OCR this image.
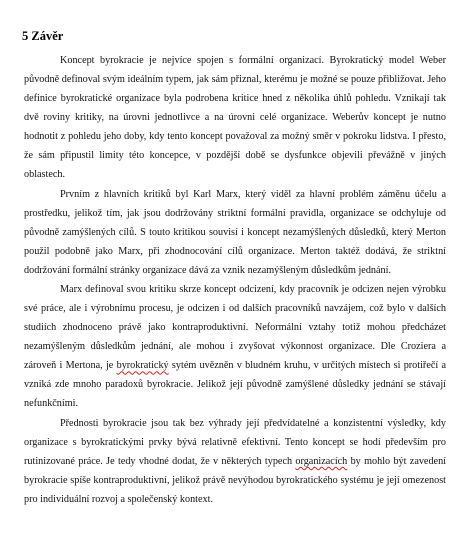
5 Závěr

Koncept byrokracie je nejvíce spojen s formální organizací. Byrokratický model Weber původně definoval svým ideálním typem, jak sám přiznal, kterému je možné se pouze přibližovat. Jeho definice byrokratické organizace byla podrobena kritice hned z několika úhlů pohledu. Vznikají tak dvě roviny kritiky, na úrovni jednotlivce a na úrovni celé organizace. Weberův koncept je nutno hodnotit z pohledu jeho doby, kdy tento koncept považoval za možný směr v pokroku lidstva. I přesto, že sám připustil limity této koncepce, v pozdější době se dysfunkce objevili převážně v jiných oblastech.

Prvním z hlavních kritiků byl Karl Marx, který viděl za hlavní problém záměnu účelu a prostředku, jelikož tím, jak jsou dodržovány striktní formální pravidla, organizace se odchyluje od původně zamýšlených cílů. S touto kritikou souvisí i koncept nezamýšlených důsledků, který Merton použil podobně jako Marx, při zhodnocování cílů organizace. Merton taktéž dodává, že striktní dodržování formální stránky organizace dává za vznik nezamýšleným důsledkům jednání.

Marx definoval svou kritiku skrze koncept odcizení, kdy pracovník je odcizen nejen výrobku své práce, ale i výrobnímu procesu, je odcizen i od dalších pracovníků navzájem, což bylo v dalších studiích zhodnoceno právě jako kontraproduktivní. Neformální vztahy totiž mohou předcházet nezamýšleným důsledkům jednání, ale mohou i zvyšovat výkonnost organizace. Dle Croziera a zároveň i Mertona, je byrokratický sytém uvězněn v bludném kruhu, v určitých místech si protiřečí a vzniká zde mnoho paradoxů byrokracie. Jelikož její původně zamýšlené důsledky jednání se stávají nefunkčními.

Přednosti byrokracie jsou tak bez výhrady její předvídatelné a konzistentní výsledky, kdy organizace s byrokratickými prvky bývá relativně efektivní. Tento koncept se hodí především pro rutinizované práce. Je tedy vhodné dodat, že v některých typech organizacích by mohlo být zavedení byrokracie spíše kontraproduktivní, jelikož právě nevýhodou byrokratického systému je její omezenost pro individuální rozvoj a společenský kontext.
